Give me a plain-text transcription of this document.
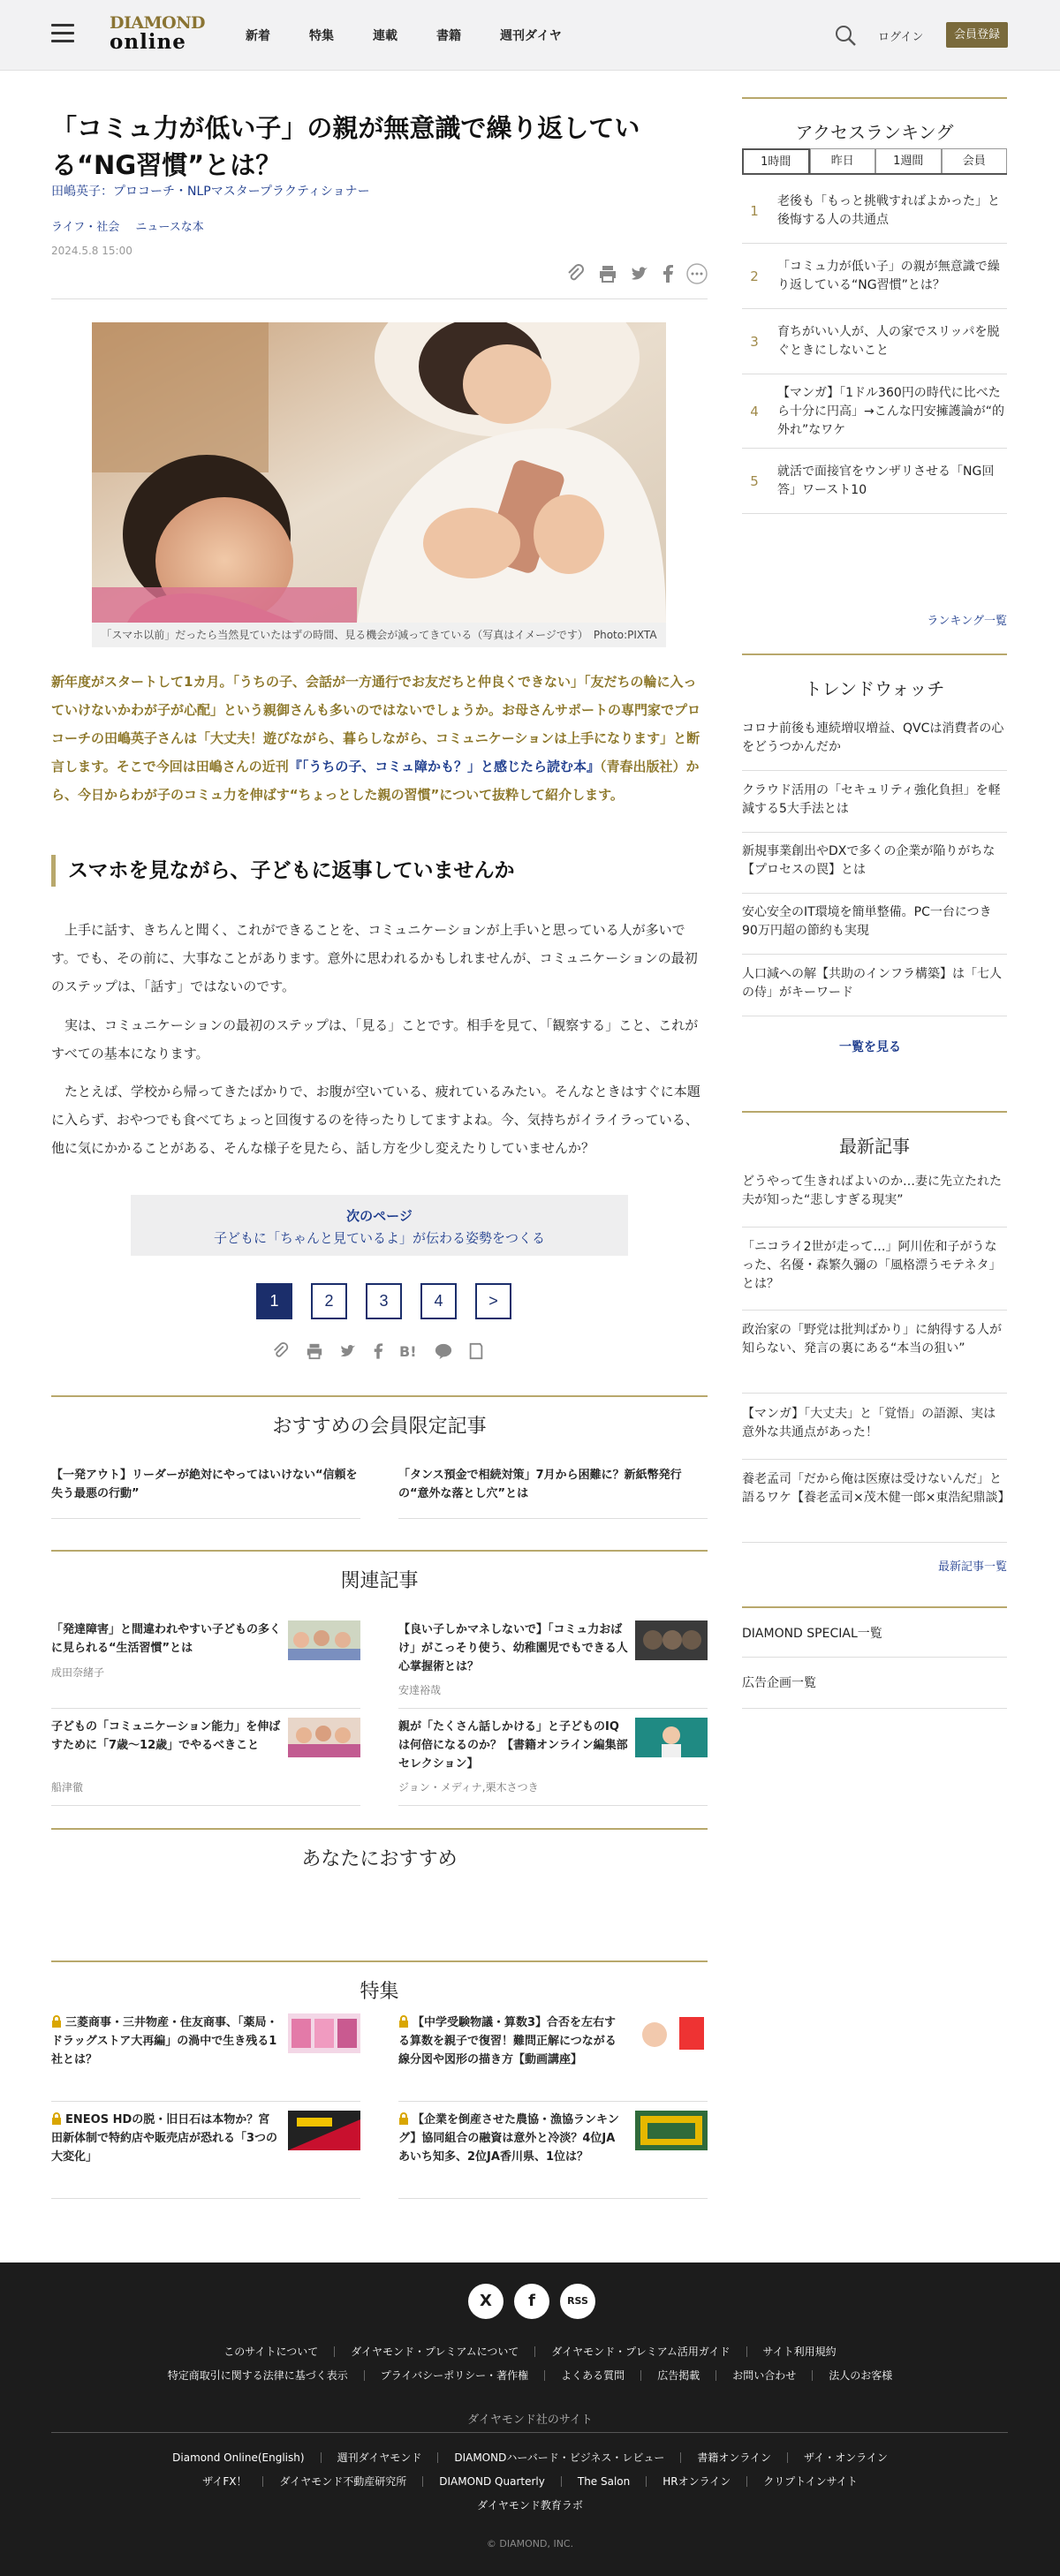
DIAMOND
online	新着	特集	連載	書籍	週刊ダイヤ	ログイン	会員登録
「コミュ力が低い子」の親が無意識で繰り返している“NG習慣”とは？
田嶋英子：プロコーチ・NLPマスタープラクティショナー
ライフ・社会 ニュースな本
2024.5.8 15:00
「スマホ以前」だったら当然見ていたはずの時間、見る機会が減ってきている（写真はイメージです）　Photo:PIXTA

新年度がスタートして1カ月。「うちの子、会話が一方通行でお友だちと仲良くできない」「友だちの輪に入っていけないかわが子が心配」という親御さんも多いのではないでしょうか。お母さんサポートの専門家でプロコーチの田嶋英子さんは「大丈夫！遊びながら、暮らしながら、コミュニケーションは上手になります」と断言します。そこで今回は田嶋さんの近刊『「うちの子、コミュ障かも？」と感じたら読む本』（青春出版社）から、今日からわが子のコミュ力を伸ばす“ちょっとした親の習慣”について抜粋して紹介します。

スマホを見ながら、子どもに返事していませんか

上手に話す、きちんと聞く、これができることを、コミュニケーションが上手いと思っている人が多いです。でも、その前に、大事なことがあります。意外に思われるかもしれませんが、コミュニケーションの最初のステップは、「話す」ではないのです。

実は、コミュニケーションの最初のステップは、「見る」ことです。相手を見て、「観察する」こと、これがすべての基本になります。

たとえば、学校から帰ってきたばかりで、お腹が空いている、疲れているみたい。そんなときはすぐに本題に入らず、おやつでも食べてちょっと回復するのを待ったりしてますよね。今、気持ちがイライラっている、他に気にかかることがある、そんな様子を見たら、話し方を少し変えたりしていませんか？

次のページ
子どもに「ちゃんと見ているよ」が伝わる姿勢をつくる
1	2	3	4	>
B!
おすすめの会員限定記事
【一発アウト】リーダーが絶対にやってはいけない“信頼を失う最悪の行動”
「タンス預金で相続対策」7月から困難に？新紙幣発行の“意外な落とし穴”とは
関連記事
「発達障害」と間違われやすい子どもの多くに見られる“生活習慣”とは
成田奈緒子
【良い子しかマネしないで】「コミュ力おばけ」がこっそり使う、幼稚園児でもできる人心掌握術とは？
安達裕哉
子どもの「コミュニケーション能力」を伸ばすために「7歳～12歳」でやるべきこと
船津徹
親が「たくさん話しかける」と子どものIQは何倍になるのか？【書籍オンライン編集部セレクション】
ジョン・メディナ,栗木さつき
あなたにおすすめ
特集
三菱商事・三井物産・住友商事、「薬局・ドラッグストア大再編」の渦中で生き残る1社とは？
【中学受験物議・算数3】合否を左右する算数を親子で復習！難問正解につながる線分図や図形の描き方【動画講座】
ENEOS HDの脱・旧日石は本物か？宮田新体制で特約店や販売店が恐れる「3つの大変化」
【企業を倒産させた農協・漁協ランキング】協同組合の融資は意外と冷淡？4位JAあいち知多、2位JA香川県、1位は？
アクセスランキング
1時間	昨日	1週間	会員
1
老後も「もっと挑戦すればよかった」と後悔する人の共通点
2
「コミュ力が低い子」の親が無意識で繰り返している“NG習慣”とは？
3
育ちがいい人が、人の家でスリッパを脱ぐときにしないこと
4
【マンガ】「1ドル360円の時代に比べたら十分に円高」→こんな円安擁護論が“的外れ”なワケ
5
就活で面接官をウンザリさせる「NG回答」ワースト10
ランキング一覧
トレンドウォッチ
コロナ前後も連続増収増益、QVCは消費者の心をどうつかんだか
クラウド活用の「セキュリティ強化負担」を軽減する5大手法とは
新規事業創出やDXで多くの企業が陥りがちな【プロセスの罠】とは
安心安全のIT環境を簡単整備。PC一台につき90万円超の節約も実現
人口減への解【共助のインフラ構築】は「七人の侍」がキーワード
一覧を見る
最新記事
どうやって生きればよいのか…妻に先立たれた夫が知った“悲しすぎる現実”
「ニコライ2世が走って…」阿川佐和子がうなった、名優・森繁久彌の「風格漂うモテネタ」とは？
政治家の「野党は批判ばかり」に納得する人が知らない、発言の裏にある“本当の狙い”
【マンガ】「大丈夫」と「覚悟」の語源、実は意外な共通点があった！
養老孟司「だから俺は医療は受けないんだ」と語るワケ【養老孟司×茂木健一郎×東浩紀鼎談】
最新記事一覧
DIAMOND SPECIAL一覧
広告企画一覧
X	f	RSS
このサイトについて	ダイヤモンド・プレミアムについて	ダイヤモンド・プレミアム活用ガイド	サイト利用規約
特定商取引に関する法律に基づく表示	プライバシーポリシー・著作権	よくある質問	広告掲載	お問い合わせ	法人のお客様
ダイヤモンド社のサイト
Diamond Online(English)	週刊ダイヤモンド	DIAMONDハーバード・ビジネス・レビュー	書籍オンライン	ザイ・オンライン
ザイFX！	ダイヤモンド不動産研究所	DIAMOND Quarterly	The Salon	HRオンライン	クリプトインサイト
ダイヤモンド教育ラボ
© DIAMOND, INC.
